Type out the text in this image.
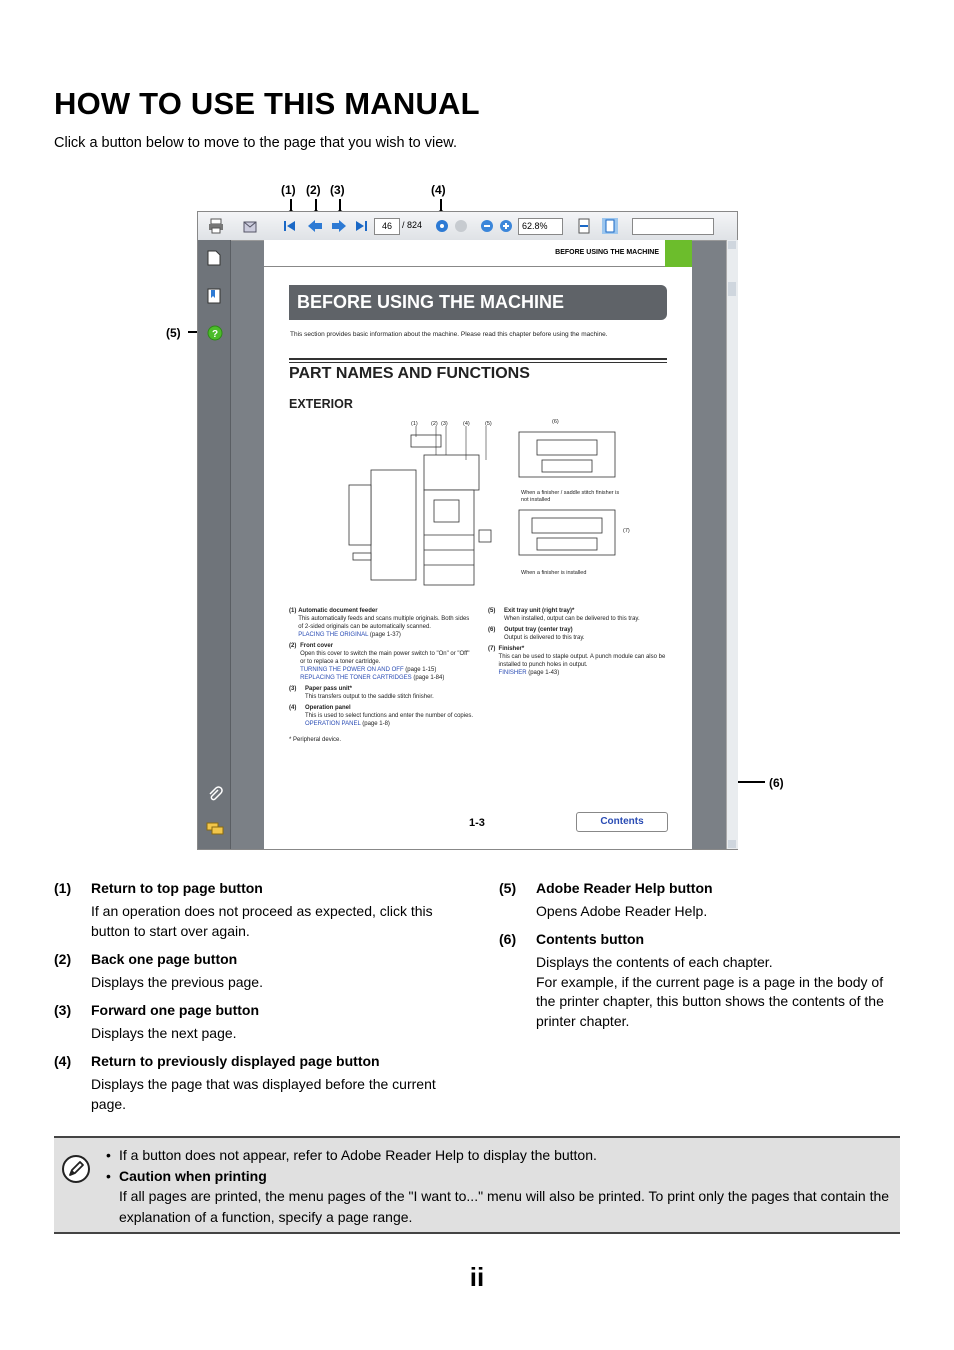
HOW TO USE THIS MANUAL
Click a button below to move to the page that you wish to view.
(1) (2) (3)	(4)
(5)
(6)
46	/ 824	62.8%
?
BEFORE USING THE MACHINE
BEFORE USING THE MACHINE
This section provides basic information about the machine. Please read this chapter before using the machine.
PART NAMES AND FUNCTIONS
EXTERIOR
(1) (2) (3)	(4)	(5)	(6)
(7)
When a finisher / saddle stitch finisher is not installed
When a finisher is installed
(1) Automatic document feeder
This automatically feeds and scans multiple originals. Both sides of 2-sided originals can be automatically scanned.
PLACING THE ORIGINAL (page 1-37)
(2) Front cover
Open this cover to switch the main power switch to "On" or "Off" or to replace a toner cartridge.
TURNING THE POWER ON AND OFF (page 1-15)
REPLACING THE TONER CARTRIDGES (page 1-84)
(3)	Paper pass unit*
This transfers output to the saddle stitch finisher.
(4)	Operation panel
This is used to select functions and enter the number of copies.
OPERATION PANEL (page 1-8)
* Peripheral device.
(5)	Exit tray unit (right tray)*
When installed, output can be delivered to this tray.
(6)	Output tray (center tray)
Output is delivered to this tray.
(7) Finisher*
This can be used to staple output. A punch module can also be installed to punch holes in output.
FINISHER (page 1-43)
1-3	Contents
(1) Return to top page button
If an operation does not proceed as expected, click this button to start over again.
(2) Back one page button
Displays the previous page.
(3) Forward one page button
Displays the next page.
(4) Return to previously displayed page button
Displays the page that was displayed before the current page.
(5) Adobe Reader Help button
Opens Adobe Reader Help.
(6) Contents button
Displays the contents of each chapter.
For example, if the current page is a page in the body of the printer chapter, this button shows the contents of the printer chapter.
• If a button does not appear, refer to Adobe Reader Help to display the button.
• Caution when printing
If all pages are printed, the menu pages of the "I want to..." menu will also be printed. To print only the pages that contain the explanation of a function, specify a page range.
ii
